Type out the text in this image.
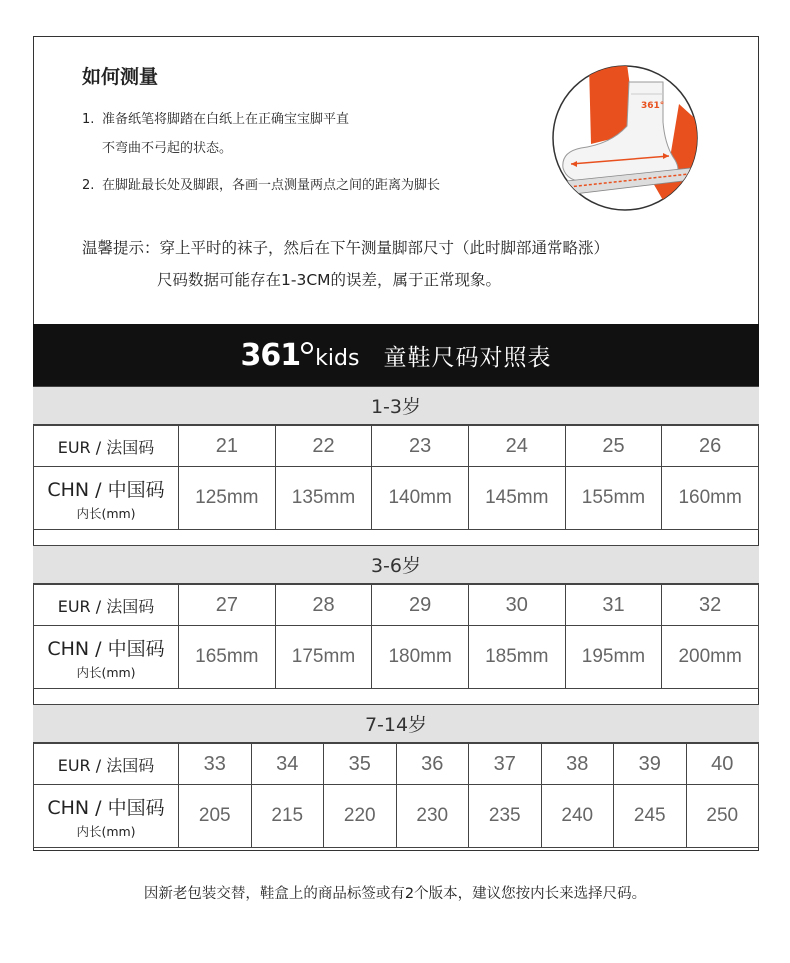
如何测量
1. 准备纸笔将脚踏在白纸上在正确宝宝脚平直
不弯曲不弓起的状态。
2. 在脚趾最长处及脚跟，各画一点测量两点之间的距离为脚长
温馨提示：穿上平时的袜子，然后在下午测量脚部尺寸（此时脚部通常略涨）
尺码数据可能存在1-3CM的误差，属于正常现象。
361°
361 kids 童鞋尺码对照表
1-3岁
EUR / 法国码	21	22	23	24	25	26
CHN / 中国码
内长(mm)	125mm	135mm	140mm	145mm	155mm	160mm
3-6岁
EUR / 法国码	27	28	29	30	31	32
CHN / 中国码
内长(mm)	165mm	175mm	180mm	185mm	195mm	200mm
7-14岁
EUR / 法国码	33	34	35	36	37	38	39	40
CHN / 中国码
内长(mm)	205	215	220	230	235	240	245	250
因新老包装交替，鞋盒上的商品标签或有2个版本，建议您按内长来选择尺码。
